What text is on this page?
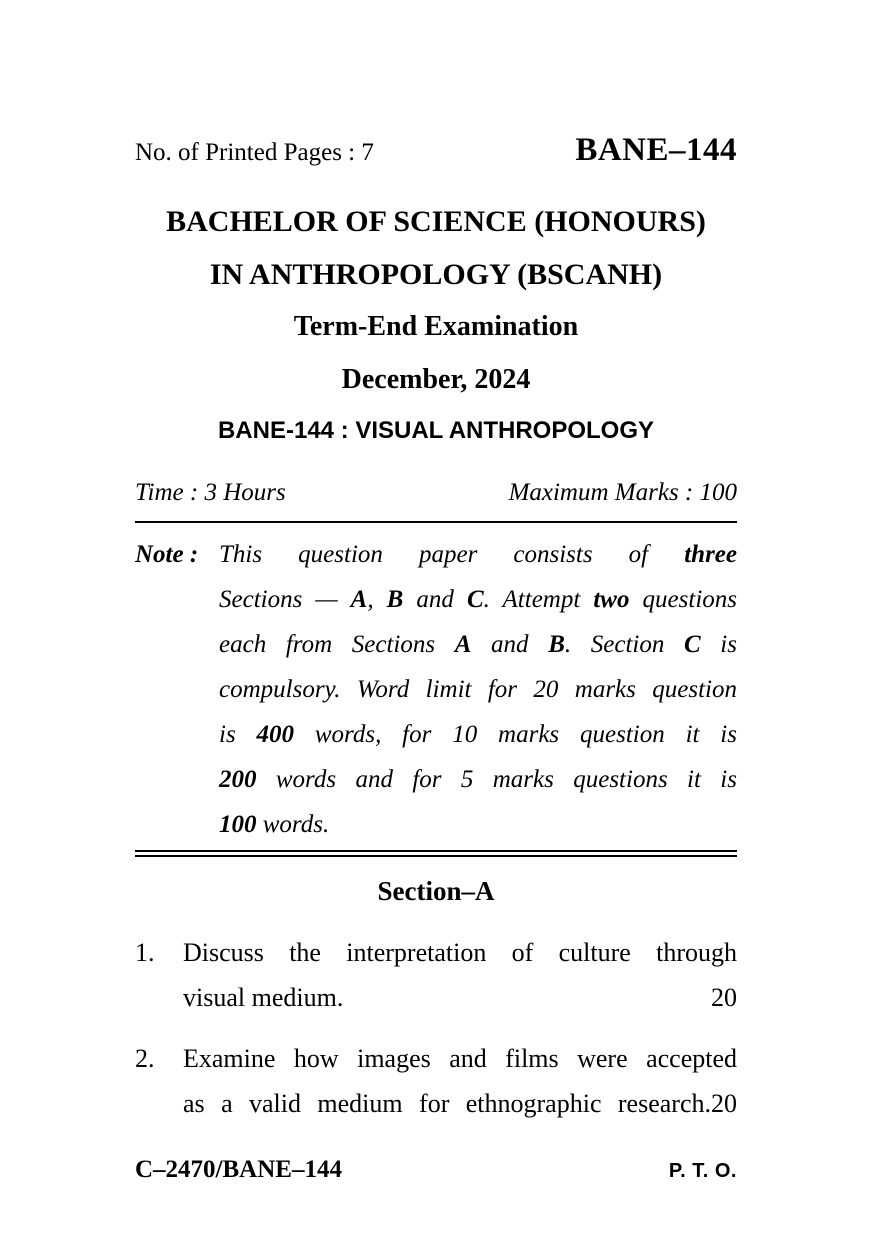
No. of Printed Pages : 7	BANE–144
BACHELOR OF SCIENCE (HONOURS)
IN ANTHROPOLOGY (BSCANH)
Term-End Examination
December, 2024
BANE-144 : VISUAL ANTHROPOLOGY
Time : 3 Hours	Maximum Marks : 100
Note : This question paper consists of three
Sections — A, B and C. Attempt two questions
each from Sections A and B. Section C is
compulsory. Word limit for 20 marks question
is 400 words, for 10 marks question it is
200 words and for 5 marks questions it is
100 words.
Section–A
1.	Discuss the interpretation of culture through
visual medium.	20
2.	Examine how images and films were accepted
as a valid medium for ethnographic research.20
C–2470/BANE–144	P. T. O.
